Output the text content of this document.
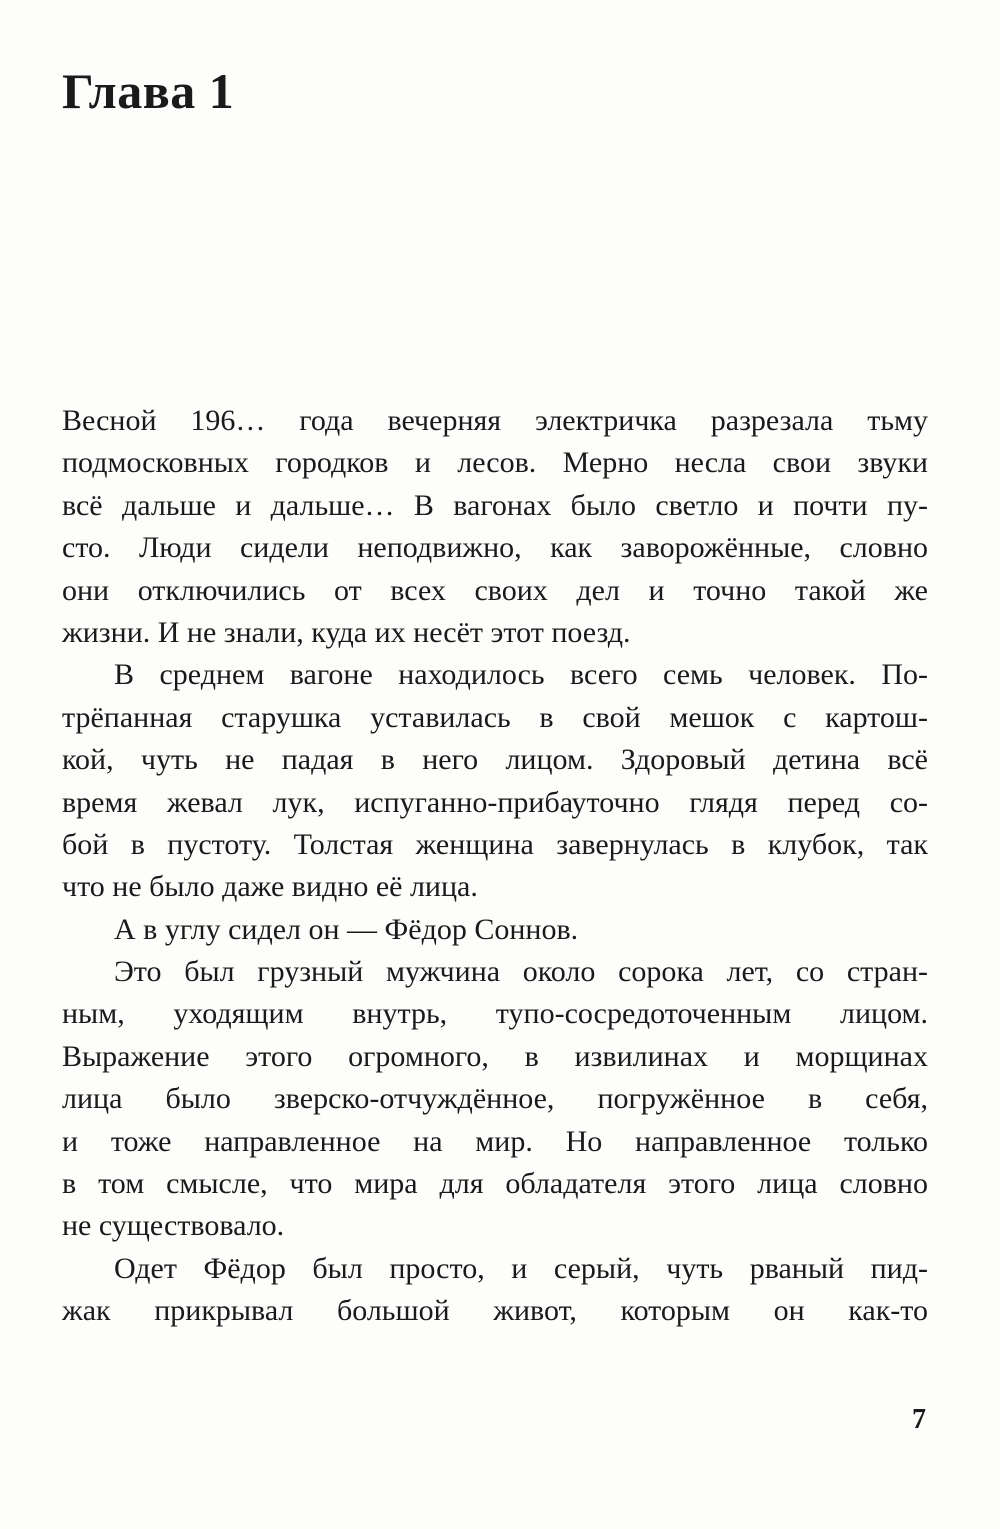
Глава 1
Весной 196… года вечерняя электричка разрезала тьму
подмосковных городков и лесов. Мерно несла свои звуки
всё дальше и дальше… В вагонах было светло и почти пу-
сто. Люди сидели неподвижно, как заворожённые, словно
они отключились от всех своих дел и точно такой же
жизни. И не знали, куда их несёт этот поезд.
В среднем вагоне находилось всего семь человек. По-
трёпанная старушка уставилась в свой мешок с картош-
кой, чуть не падая в него лицом. Здоровый детина всё
время жевал лук, испуганно-прибауточно глядя перед со-
бой в пустоту. Толстая женщина завернулась в клубок, так
что не было даже видно её лица.
А в углу сидел он — Фёдор Соннов.
Это был грузный мужчина около сорока лет, со стран-
ным, уходящим внутрь, тупо-сосредоточенным лицом.
Выражение этого огромного, в извилинах и морщинах
лица было зверско-отчуждённое, погружённое в себя,
и тоже направленное на мир. Но направленное только
в том смысле, что мира для обладателя этого лица словно
не существовало.
Одет Фёдор был просто, и серый, чуть рваный пид-
жак прикрывал большой живот, которым он как-то
7
